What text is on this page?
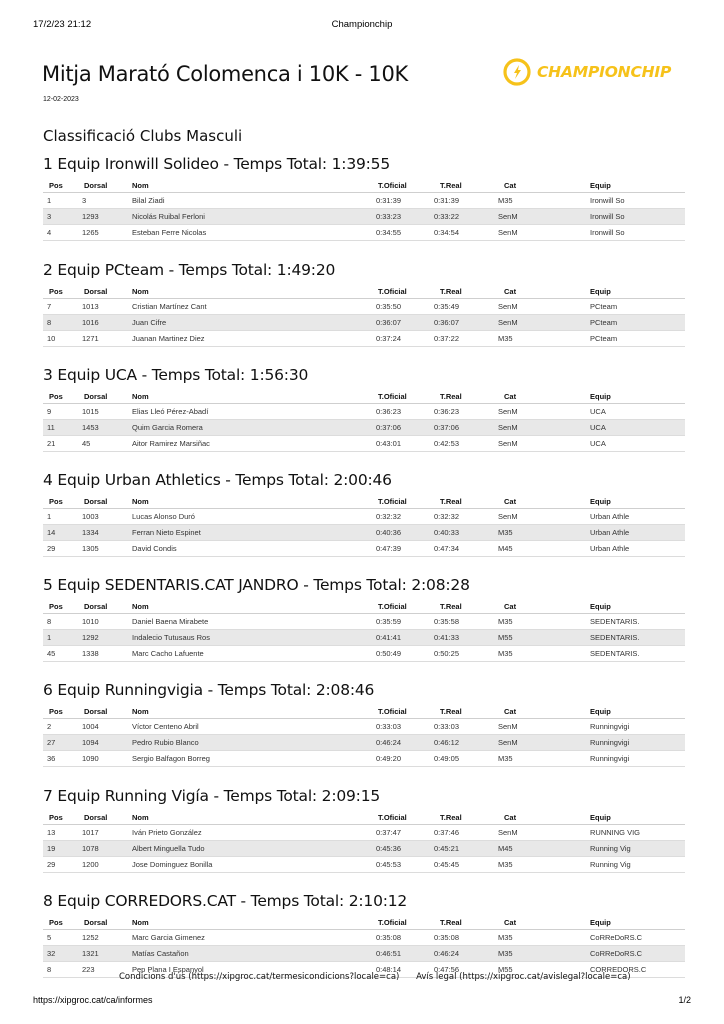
17/2/23 21:12	Championchip
Mitja Marató Colomenca i 10K - 10K
12-02-2023
CHAMPIONCHIP
Classificació Clubs Masculi
1 Equip Ironwill Solideo - Temps Total: 1:39:55
Pos	Dorsal	Nom	T.Oficial	T.Real	Cat	Equip
1	3	Bilal Ziadi	0:31:39	0:31:39	M35	Ironwill So
3	1293	Nicolás Ruibal Ferloni	0:33:23	0:33:22	SenM	Ironwill So
4	1265	Esteban Ferre Nicolas	0:34:55	0:34:54	SenM	Ironwill So
2 Equip PCteam - Temps Total: 1:49:20
Pos	Dorsal	Nom	T.Oficial	T.Real	Cat	Equip
7	1013	Cristian Martínez Cant	0:35:50	0:35:49	SenM	PCteam
8	1016	Juan Cifre	0:36:07	0:36:07	SenM	PCteam
10	1271	Juanan Martinez Diez	0:37:24	0:37:22	M35	PCteam
3 Equip UCA - Temps Total: 1:56:30
Pos	Dorsal	Nom	T.Oficial	T.Real	Cat	Equip
9	1015	Elias Lleó Pérez-Abadí	0:36:23	0:36:23	SenM	UCA
11	1453	Quim Garcia Romera	0:37:06	0:37:06	SenM	UCA
21	45	Aitor Ramirez Marsiñac	0:43:01	0:42:53	SenM	UCA
4 Equip Urban Athletics - Temps Total: 2:00:46
Pos	Dorsal	Nom	T.Oficial	T.Real	Cat	Equip
1	1003	Lucas Alonso Duró	0:32:32	0:32:32	SenM	Urban Athle
14	1334	Ferran Nieto Espinet	0:40:36	0:40:33	M35	Urban Athle
29	1305	David Condis	0:47:39	0:47:34	M45	Urban Athle
5 Equip SEDENTARIS.CAT JANDRO - Temps Total: 2:08:28
Pos	Dorsal	Nom	T.Oficial	T.Real	Cat	Equip
8	1010	Daniel Baena Mirabete	0:35:59	0:35:58	M35	SEDENTARIS.
1	1292	Indalecio Tutusaus Ros	0:41:41	0:41:33	M55	SEDENTARIS.
45	1338	Marc Cacho Lafuente	0:50:49	0:50:25	M35	SEDENTARIS.
6 Equip Runningvigia - Temps Total: 2:08:46
Pos	Dorsal	Nom	T.Oficial	T.Real	Cat	Equip
2	1004	Víctor Centeno Abril	0:33:03	0:33:03	SenM	Runningvigi
27	1094	Pedro Rubio Blanco	0:46:24	0:46:12	SenM	Runningvigi
36	1090	Sergio Balfagon Borreg	0:49:20	0:49:05	M35	Runningvigi
7 Equip Running Vigía - Temps Total: 2:09:15
Pos	Dorsal	Nom	T.Oficial	T.Real	Cat	Equip
13	1017	Iván Prieto González	0:37:47	0:37:46	SenM	RUNNING VIG
19	1078	Albert Minguella Tudo	0:45:36	0:45:21	M45	Running Vig
29	1200	Jose Dominguez Bonilla	0:45:53	0:45:45	M35	Running Vig
8 Equip CORREDORS.CAT - Temps Total: 2:10:12
Pos	Dorsal	Nom	T.Oficial	T.Real	Cat	Equip
5	1252	Marc Garcia Gimenez	0:35:08	0:35:08	M35	CoRReDoRS.C
32	1321	Matías Castañon	0:46:51	0:46:24	M35	CoRReDoRS.C
8	223	Pep Plana I Espanyol	0:48:14	0:47:56	M55	CORREDORS.C
Condicions d'ús (https://xipgroc.cat/termesicondicions?locale=ca) Avís legal (https://xipgroc.cat/avislegal?locale=ca)
https://xipgroc.cat/ca/informes	1/2
